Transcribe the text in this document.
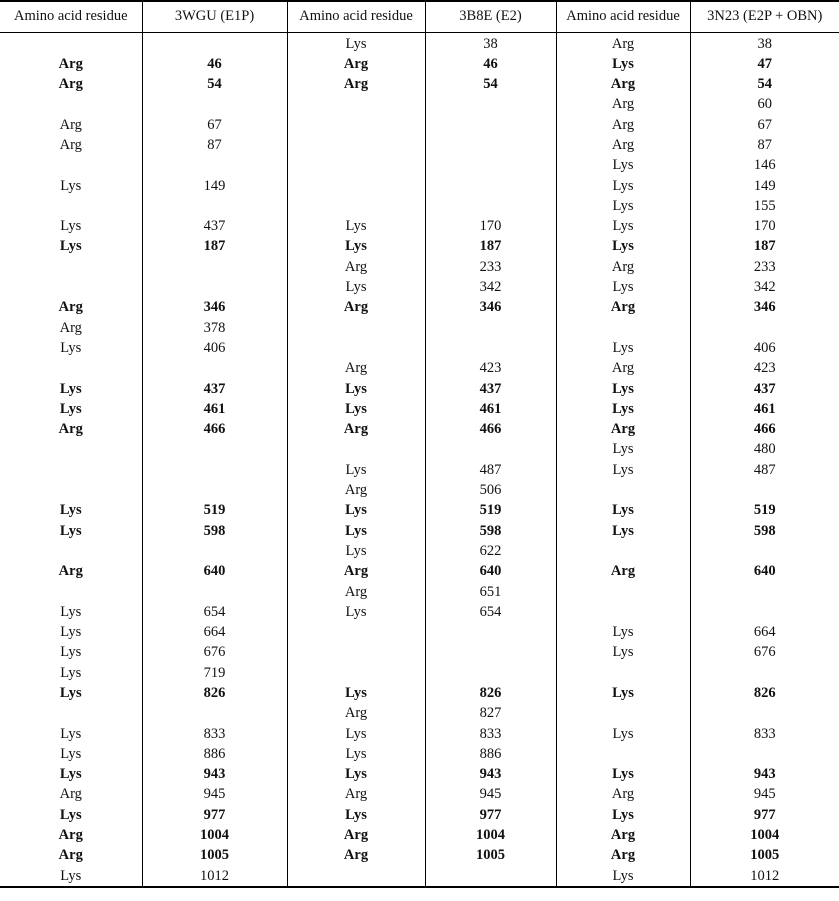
Amino acid residue	3WGU (E1P)	Amino acid residue	3B8E (E2)	Amino acid residue	3N23 (E2P + OBN)
		Lys	38	Arg	38
Arg	46	Arg	46	Lys	47
Arg	54	Arg	54	Arg	54
				Arg	60
Arg	67			Arg	67
Arg	87			Arg	87
				Lys	146
Lys	149			Lys	149
				Lys	155
Lys	437	Lys	170	Lys	170
Lys	187	Lys	187	Lys	187
		Arg	233	Arg	233
		Lys	342	Lys	342
Arg	346	Arg	346	Arg	346
Arg	378				
Lys	406			Lys	406
		Arg	423	Arg	423
Lys	437	Lys	437	Lys	437
Lys	461	Lys	461	Lys	461
Arg	466	Arg	466	Arg	466
				Lys	480
		Lys	487	Lys	487
		Arg	506		
Lys	519	Lys	519	Lys	519
Lys	598	Lys	598	Lys	598
		Lys	622		
Arg	640	Arg	640	Arg	640
		Arg	651		
Lys	654	Lys	654		
Lys	664			Lys	664
Lys	676			Lys	676
Lys	719				
Lys	826	Lys	826	Lys	826
		Arg	827		
Lys	833	Lys	833	Lys	833
Lys	886	Lys	886		
Lys	943	Lys	943	Lys	943
Arg	945	Arg	945	Arg	945
Lys	977	Lys	977	Lys	977
Arg	1004	Arg	1004	Arg	1004
Arg	1005	Arg	1005	Arg	1005
Lys	1012			Lys	1012
